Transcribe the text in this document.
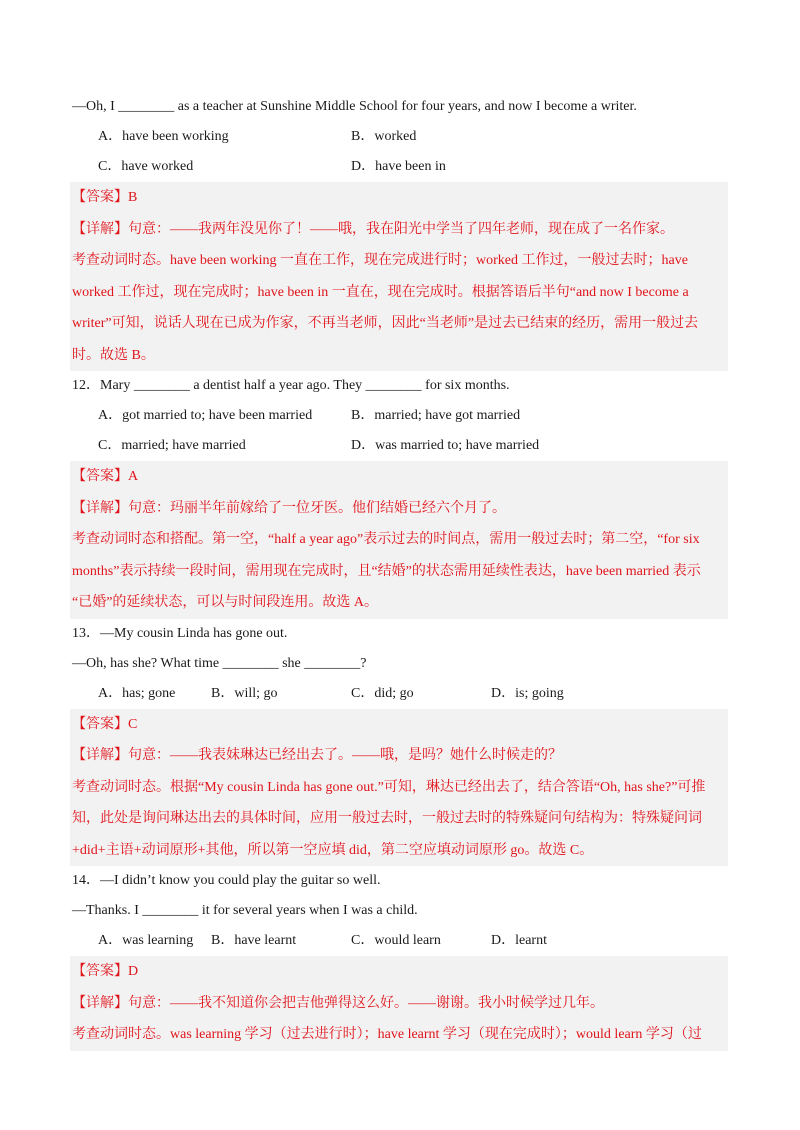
—Oh, I ________ as a teacher at Sunshine Middle School for four years, and now I become a writer.
A．have been working	B．worked
C．have worked	D．have been in
【答案】B
【详解】句意：——我两年没见你了！——哦，我在阳光中学当了四年老师，现在成了一名作家。
考查动词时态。have been working 一直在工作，现在完成进行时；worked 工作过，一般过去时；have
worked 工作过，现在完成时；have been in 一直在，现在完成时。根据答语后半句“and now I become a
writer”可知，说话人现在已成为作家，不再当老师，因此“当老师”是过去已结束的经历，需用一般过去
时。故选 B。
12．Mary ________ a dentist half a year ago. They ________ for six months.
A．got married to; have been married	B．married; have got married
C．married; have married	D．was married to; have married
【答案】A
【详解】句意：玛丽半年前嫁给了一位牙医。他们结婚已经六个月了。
考查动词时态和搭配。第一空，“half a year ago”表示过去的时间点，需用一般过去时；第二空，“for six
months”表示持续一段时间，需用现在完成时，且“结婚”的状态需用延续性表达，have been married 表示
“已婚”的延续状态，可以与时间段连用。故选 A。
13．—My cousin Linda has gone out.
—Oh, has she? What time ________ she ________?
A．has; gone	B．will; go	C．did; go	D．is; going
【答案】C
【详解】句意：——我表妹琳达已经出去了。——哦，是吗？她什么时候走的？
考查动词时态。根据“My cousin Linda has gone out.”可知，琳达已经出去了，结合答语“Oh, has she?”可推
知，此处是询问琳达出去的具体时间，应用一般过去时，一般过去时的特殊疑问句结构为：特殊疑问词
+did+主语+动词原形+其他，所以第一空应填 did，第二空应填动词原形 go。故选 C。
14．—I didn’t know you could play the guitar so well.
—Thanks. I ________ it for several years when I was a child.
A．was learning B．have learnt	C．would learn	D．learnt
【答案】D
【详解】句意：——我不知道你会把吉他弹得这么好。——谢谢。我小时候学过几年。
考查动词时态。was learning 学习（过去进行时）；have learnt 学习（现在完成时）；would learn 学习（过
